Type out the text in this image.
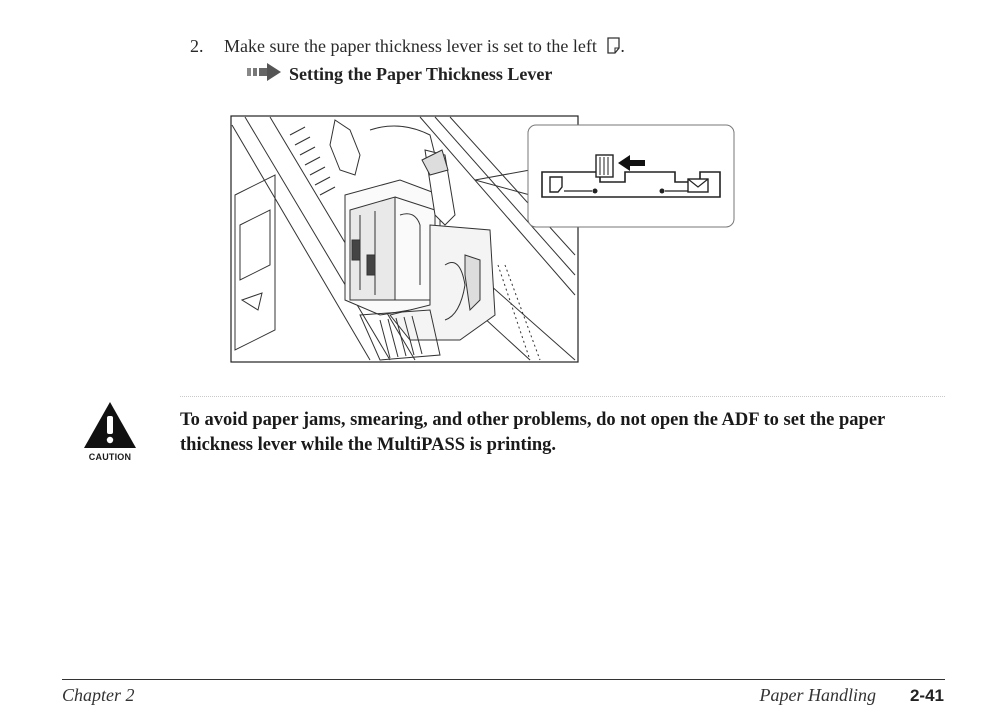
2. Make sure the paper thickness lever is set to the left .
Setting the Paper Thickness Lever
CAUTION
To avoid paper jams, smearing, and other problems, do not open the ADF to set the paper thickness lever while the MultiPASS is printing.
Chapter 2	Paper Handling 2-41
